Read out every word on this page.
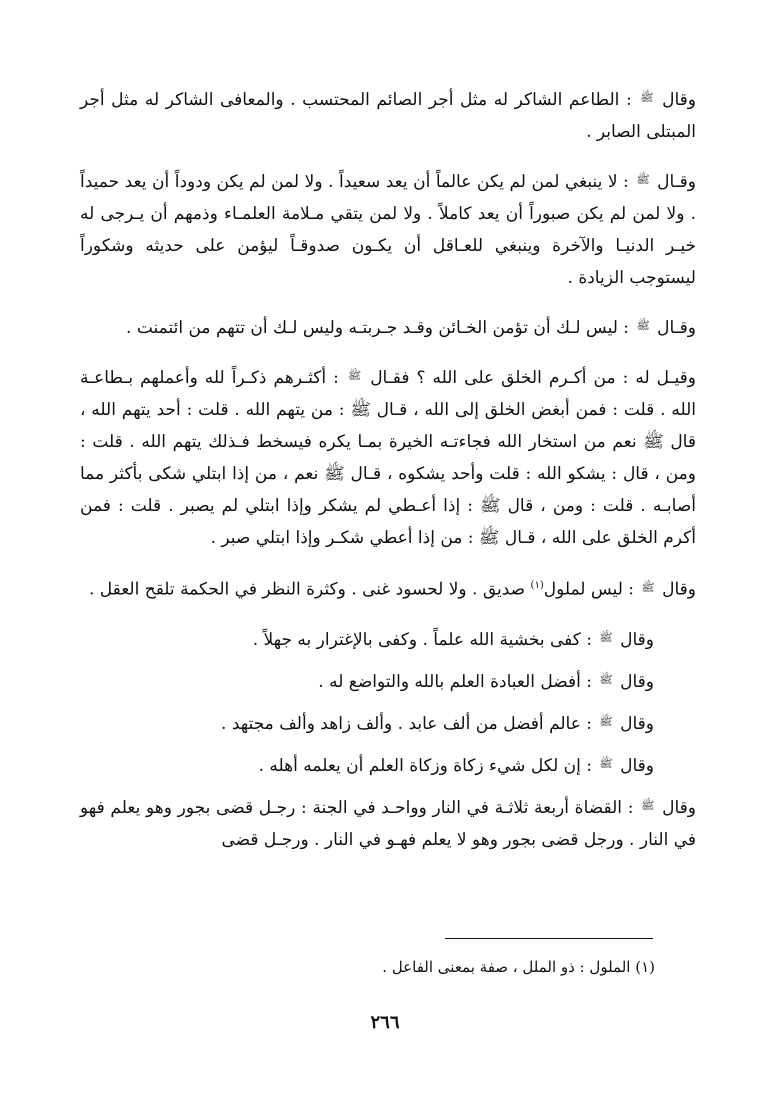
وقال $^ﷺ$ : الطاعم الشاكر له مثل أجر الصائم المحتسب . والمعافى الشاكر له مثل أجر المبتلى الصابر .

وقـال $^ﷺ$ : لا ينبغي لمن لم يكن عالماً أن يعد سعيداً . ولا لمن لم يكن ودوداً أن يعد حميداً . ولا لمن لم يكن صبوراً أن يعد كاملاً . ولا لمن يتقي مـلامة العلمـاء وذمهم أن يـرجى له خيـر الدنيـا والآخرة وينبغي للعـاقل أن يكـون صدوقـاً ليؤمن على حديثه وشكوراً ليستوجب الزيادة .

وقـال $^ﷺ$ : ليس لـك أن تؤمن الخـائن وقـد جـربتـه وليس لـك أن تتهم من ائتمنت .

وقيـل له : من أكـرم الخلق على الله ؟ فقـال $^ﷺ$ : أكثـرهم ذكـراً لله وأعملهم بـطاعـة الله . قلت : فمن أبغض الخلق إلى الله ، قـال ﷺ : من يتهم الله . قلت : أحد يتهم الله ، قال ﷺ نعم من استخار الله فجاءتـه الخيرة بمـا يكره فيسخط فـذلك يتهم الله . قلت : ومن ، قال : يشكو الله : قلت وأحد يشكوه ، قـال ﷺ نعم ، من إذا ابتلي شكى بأكثر مما أصابـه . قلت : ومن ، قال ﷺ : إذا أعـطي لم يشكر وإذا ابتلي لم يصبر . قلت : فمن أكرم الخلق على الله ، قـال ﷺ : من إذا أعطي شكـر وإذا ابتلي صبر .

وقال $^ﷺ$ : ليس لملول$^{(١)}$ صديق . ولا لحسود غنى . وكثرة النظر في الحكمة تلقح العقل .

وقال $^ﷺ$ : كفى بخشية الله علماً . وكفى بالإغترار به جهلاً .

وقال $^ﷺ$ : أفضل العبادة العلم بالله والتواضع له .

وقال $^ﷺ$ : عالم أفضل من ألف عابد . وألف زاهد وألف مجتهد .

وقال $^ﷺ$ : إن لكل شيء زكاة وزكاة العلم أن يعلمه أهله .

وقال $^ﷺ$ : القضاة أربعة ثلاثـة في النار وواحـد في الجنة : رجـل قضى بجور وهو يعلم فهو في النار . ورجل قضى بجور وهو لا يعلم فهـو في النار . ورجـل قضى

(١) الملول : ذو الملل ، صفة بمعنى الفاعل .
٢٦٦
